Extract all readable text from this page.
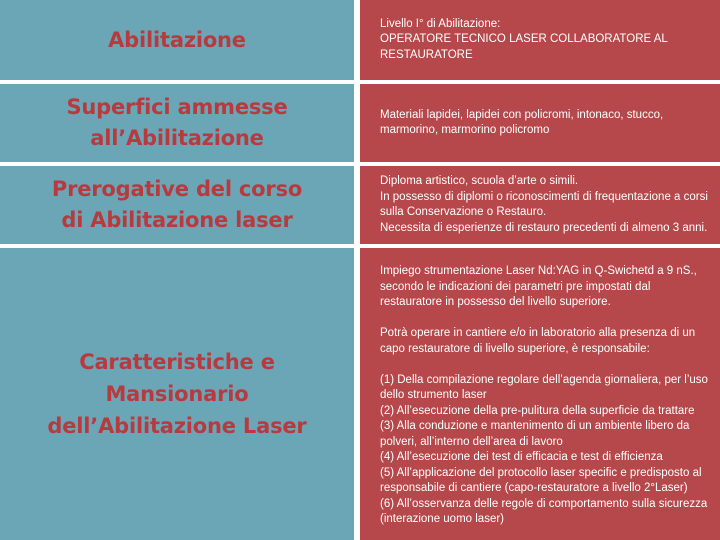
Abilitazione
Livello I° di Abilitazione:
OPERATORE TECNICO LASER COLLABORATORE AL
RESTAURATORE
Superfici ammesse
all’Abilitazione
Materiali lapidei, lapidei con policromi, intonaco, stucco,
marmorino, marmorino policromo
Prerogative del corso
di Abilitazione laser
Diploma artistico, scuola d’arte o simili.
In possesso di diplomi o riconoscimenti di frequentazione a corsi
sulla Conservazione o Restauro.
Necessita di esperienze di restauro precedenti di almeno 3 anni.
Caratteristiche e
Mansionario
dell’Abilitazione Laser
Impiego strumentazione Laser Nd:YAG in Q-Swichetd a 9 nS.,
secondo le indicazioni dei parametri pre impostati dal
restauratore in possesso del livello superiore.

Potrà operare in cantiere e/o in laboratorio alla presenza di un
capo restauratore di livello superiore, è responsabile:

(1) Della compilazione regolare dell’agenda giornaliera, per l’uso
dello strumento laser
(2) All’esecuzione della pre-pulitura della superficie da trattare
(3) Alla conduzione e mantenimento di un ambiente libero da
polveri, all’interno dell’area di lavoro
(4) All’esecuzione dei test di efficacia e test di efficienza
(5) All’applicazione del protocollo laser specific e predisposto al
responsabile di cantiere (capo-restauratore a livello 2°Laser)
(6) All’osservanza delle regole di comportamento sulla sicurezza
(interazione uomo laser)
